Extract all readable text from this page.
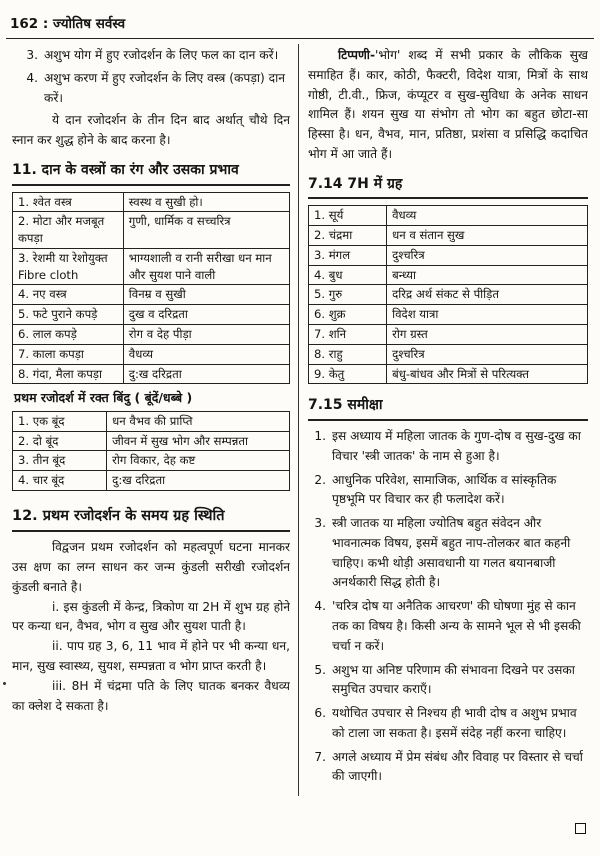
162 : ज्योतिष सर्वस्व
3. अशुभ योग में हुए रजोदर्शन के लिए फल का दान करें।
4. अशुभ करण में हुए रजोदर्शन के लिए वस्त्र (कपड़ा) दान करें।

ये दान रजोदर्शन के तीन दिन बाद अर्थात् चौथे दिन स्नान कर शुद्ध होने के बाद करना है।

11. दान के वस्त्रों का रंग और उसका प्रभाव
1. श्वेत वस्त्र	स्वस्थ व सुखी हो।
2. मोटा और मजबूत कपड़ा	गुणी, धार्मिक व सच्चरित्र
3. रेशमी या रेशोयुक्त Fibre cloth	भाग्यशाली व रानी सरीखा धन मान और सुयश पाने वाली
4. नए वस्त्र	विनम्र व सुखी
5. फटे पुराने कपड़े	दुख व दरिद्रता
6. लाल कपड़े	रोग व देह पीड़ा
7. काला कपड़ा	वैधव्य
8. गंदा, मैला कपड़ा	दु:ख दरिद्रता
प्रथम रजोदर्श में रक्त बिंदु ( बूंदें/धब्बे )
1. एक बूंद	धन वैभव की प्राप्ति
2. दो बूंद	जीवन में सुख भोग और सम्पन्नता
3. तीन बूंद	रोग विकार, देह कष्ट
4. चार बूंद	दु:ख दरिद्रता
12. प्रथम रजोदर्शन के समय ग्रह स्थिति

विद्वजन प्रथम रजोदर्शन को महत्वपूर्ण घटना मानकर उस क्षण का लग्न साधन कर जन्म कुंडली सरीखी रजोदर्शन कुंडली बनाते है।

i. इस कुंडली में केन्द्र, त्रिकोण या 2H में शुभ ग्रह होने पर कन्या धन, वैभव, भोग व सुख और सुयश पाती है।

ii. पाप ग्रह 3, 6, 11 भाव में होने पर भी कन्या धन, मान, सुख स्वास्थ्य, सुयश, सम्पन्नता व भोग प्राप्त करती है।

iii. 8H में चंद्रमा पति के लिए घातक बनकर वैधव्य का क्लेश दे सकता है।

टिप्पणी-'भोग' शब्द में सभी प्रकार के लौकिक सुख समाहित हैं। कार, कोठी, फैक्टरी, विदेश यात्रा, मित्रों के साथ गोष्ठी, टी.वी., फ्रिज, कंप्यूटर व सुख-सुविधा के अनेक साधन शामिल हैं। शयन सुख या संभोग तो भोग का बहुत छोटा-सा हिस्सा है। धन, वैभव, मान, प्रतिष्ठा, प्रशंसा व प्रसिद्धि कदाचित भोग में आ जाते हैं।

7.14 7H में ग्रह
1. सूर्य	वैधव्य
2. चंद्रमा	धन व संतान सुख
3. मंगल	दुश्चरित्र
4. बुध	बन्ध्या
5. गुरु	दरिद्र अर्थ संकट से पीड़ित
6. शुक्र	विदेश यात्रा
7. शनि	रोग ग्रस्त
8. राहु	दुश्चरित्र
9. केतु	बंधु-बांधव और मित्रों से परित्यक्त
7.15 समीक्षा
1. इस अध्याय में महिला जातक के गुण-दोष व सुख-दुख का विचार 'स्त्री जातक' के नाम से हुआ है।
2. आधुनिक परिवेश, सामाजिक, आर्थिक व सांस्कृतिक पृष्ठभूमि पर विचार कर ही फलादेश करें।
3. स्त्री जातक या महिला ज्योतिष बहुत संवेदन और भावनात्मक विषय, इसमें बहुत नाप-तोलकर बात कहनी चाहिए। कभी थोड़ी असावधानी या गलत बयानबाजी अनर्थकारी सिद्ध होती है।
4. 'चरित्र दोष या अनैतिक आचरण' की घोषणा मुंह से कान तक का विषय है। किसी अन्य के सामने भूल से भी इसकी चर्चा न करें।
5. अशुभ या अनिष्ट परिणाम की संभावना दिखने पर उसका समुचित उपचार कराएँ।
6. यथोचित उपचार से निश्चय ही भावी दोष व अशुभ प्रभाव को टाला जा सकता है। इसमें संदेह नहीं करना चाहिए।
7. अगले अध्याय में प्रेम संबंध और विवाह पर विस्तार से चर्चा की जाएगी।
